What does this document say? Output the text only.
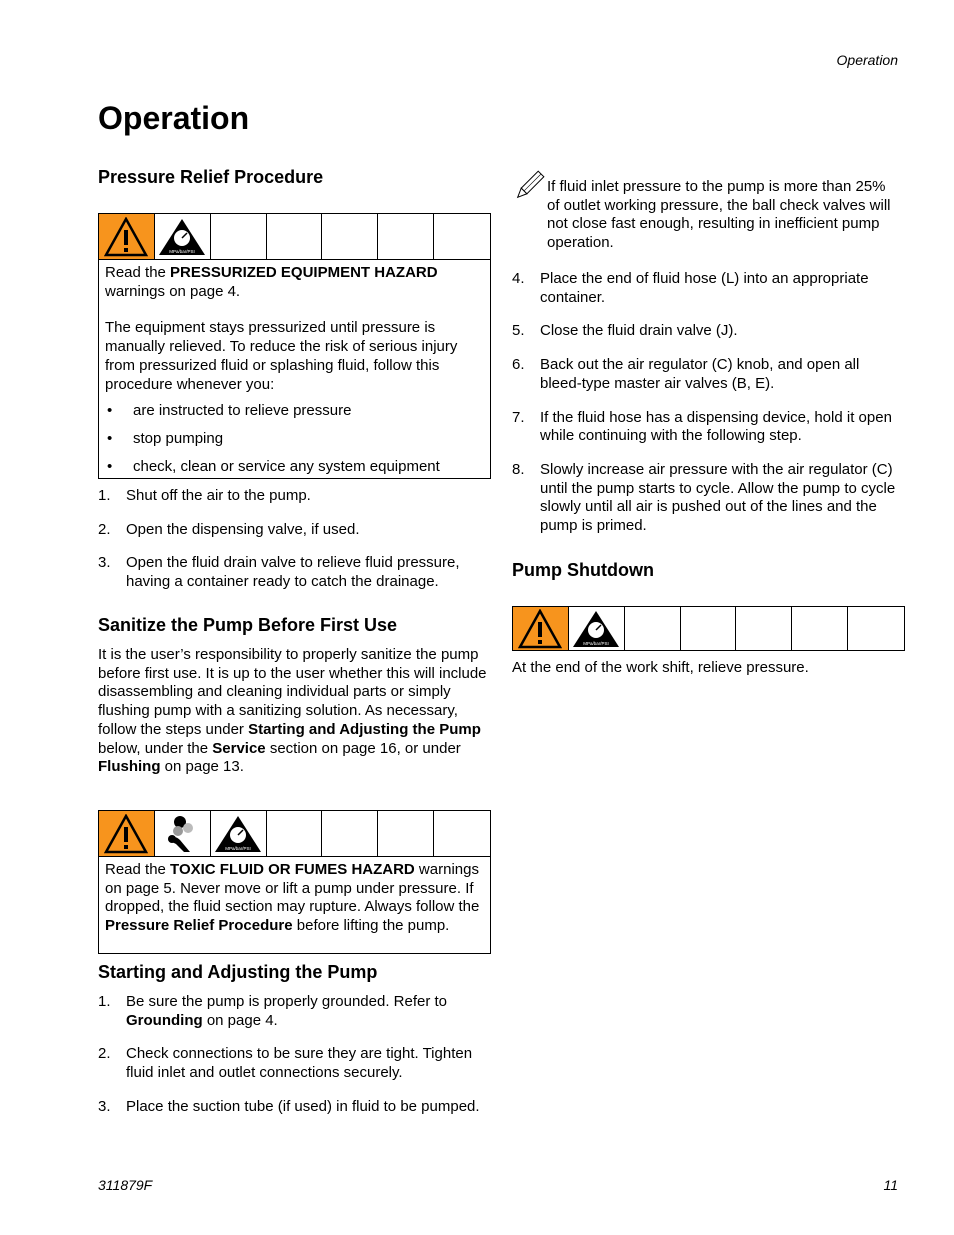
Operation
Operation
Pressure Relief Procedure
MPa/bar/PSI

Read the PRESSURIZED EQUIPMENT HAZARD warnings on page 4.

The equipment stays pressurized until pressure is manually relieved. To reduce the risk of serious injury from pressurized fluid or splashing fluid, follow this procedure whenever you:

• are instructed to relieve pressure
• stop pumping
• check, clean or service any system equipment
1. Shut off the air to the pump.
2. Open the dispensing valve, if used.
3. Open the fluid drain valve to relieve fluid pressure, having a container ready to catch the drainage.
Sanitize the Pump Before First Use
It is the user’s responsibility to properly sanitize the pump before first use. It is up to the user whether this will include disassembling and cleaning individual parts or simply flushing pump with a sanitizing solution. As necessary, follow the steps under Starting and Adjusting the Pump below, under the Service section on page 16, or under Flushing on page 13.
MPa/bar/PSI
Read the TOXIC FLUID OR FUMES HAZARD warnings on page 5. Never move or lift a pump under pressure. If dropped, the fluid section may rupture. Always follow the Pressure Relief Procedure before lifting the pump.
Starting and Adjusting the Pump
1. Be sure the pump is properly grounded. Refer to Grounding on page 4.
2. Check connections to be sure they are tight. Tighten fluid inlet and outlet connections securely.
3. Place the suction tube (if used) in fluid to be pumped.
If fluid inlet pressure to the pump is more than 25% of outlet working pressure, the ball check valves will not close fast enough, resulting in inefficient pump operation.
4. Place the end of fluid hose (L) into an appropriate container.
5. Close the fluid drain valve (J).
6. Back out the air regulator (C) knob, and open all bleed-type master air valves (B, E).
7. If the fluid hose has a dispensing device, hold it open while continuing with the following step.
8. Slowly increase air pressure with the air regulator (C) until the pump starts to cycle. Allow the pump to cycle slowly until all air is pushed out of the lines and the pump is primed.
Pump Shutdown
MPa/bar/PSI
At the end of the work shift, relieve pressure.
311879F	11
